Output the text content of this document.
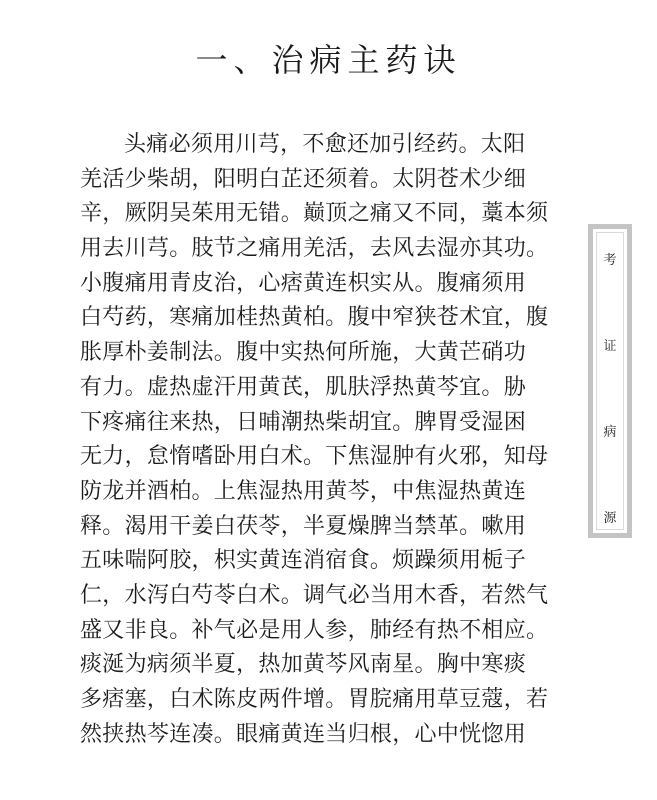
一、治病主药诀
头痛必须用川芎，不愈还加引经药。太阳
羌活少柴胡，阳明白芷还须着。太阴苍术少细
辛，厥阴吴茱用无错。巅顶之痛又不同，藁本须
用去川芎。肢节之痛用羌活，去风去湿亦其功。
小腹痛用青皮治，心痞黄连枳实从。腹痛须用
白芍药，寒痛加桂热黄柏。腹中窄狭苍术宜，腹
胀厚朴姜制法。腹中实热何所施，大黄芒硝功
有力。虚热虚汗用黄芪，肌肤浮热黄芩宜。胁
下疼痛往来热，日晡潮热柴胡宜。脾胃受湿困
无力，怠惰嗜卧用白术。下焦湿肿有火邪，知母
防龙并酒柏。上焦湿热用黄芩，中焦湿热黄连
释。渴用干姜白茯苓，半夏燥脾当禁革。嗽用
五味喘阿胶，枳实黄连消宿食。烦躁须用栀子
仁，水泻白芍苓白术。调气必当用木香，若然气
盛又非良。补气必是用人参，肺经有热不相应。
痰涎为病须半夏，热加黄芩风南星。胸中寒痰
多痞塞，白术陈皮两件增。胃脘痛用草豆蔻，若
然挟热芩连凑。眼痛黄连当归根，心中恍惚用
考
证
病
源
